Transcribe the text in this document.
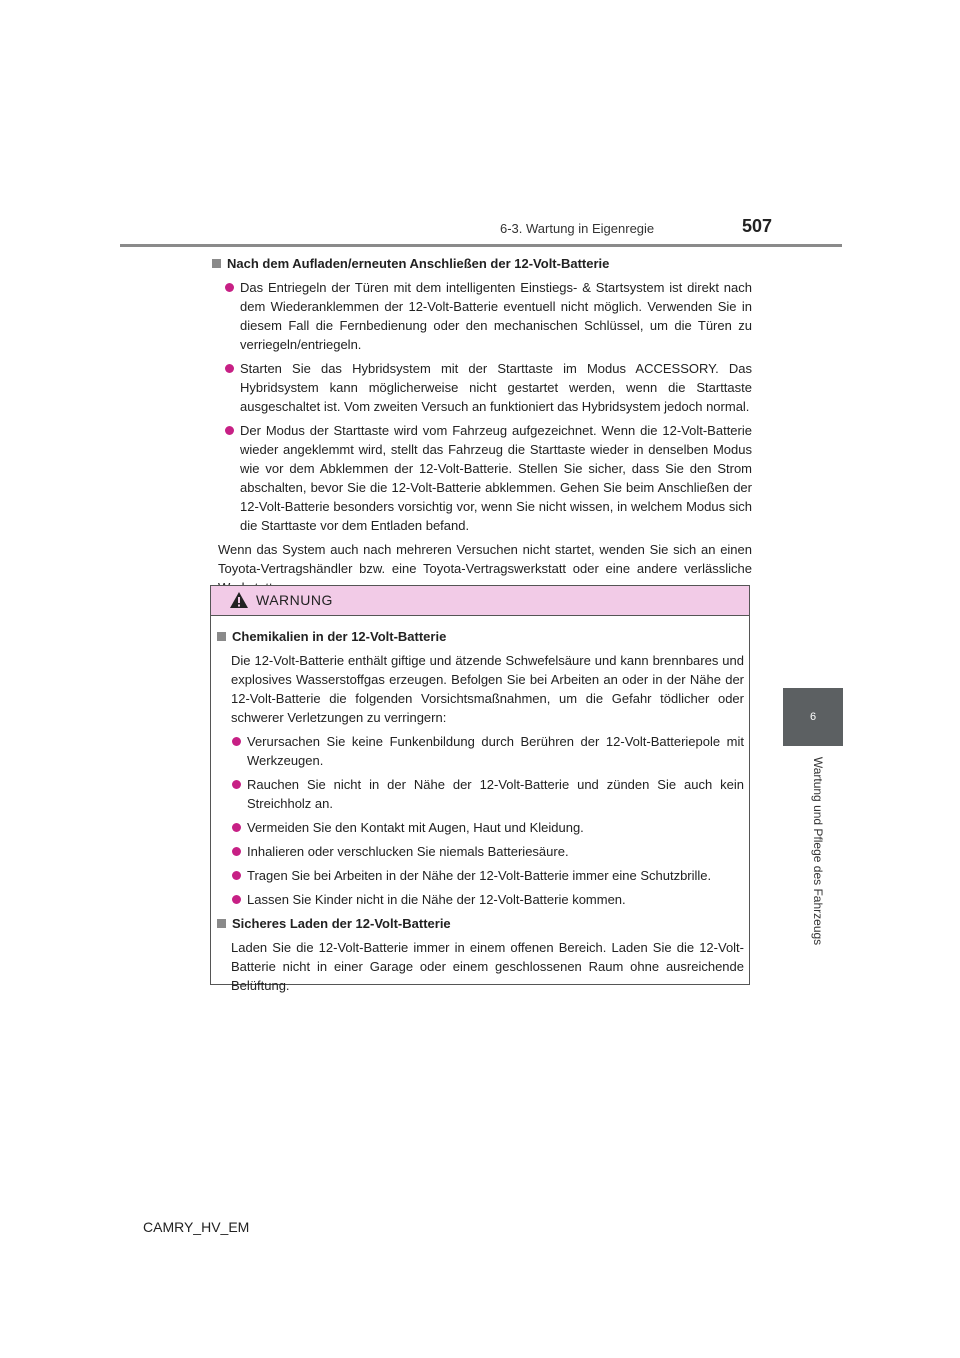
6-3. Wartung in Eigenregie	507
6
Wartung und Pflege des Fahrzeugs
Nach dem Aufladen/erneuten Anschließen der 12-Volt-Batterie
Das Entriegeln der Türen mit dem intelligenten Einstiegs- & Startsystem ist direkt nach dem Wiederanklemmen der 12-Volt-Batterie eventuell nicht möglich. Verwenden Sie in diesem Fall die Fernbedienung oder den mechanischen Schlüssel, um die Türen zu verriegeln/entriegeln.
Starten Sie das Hybridsystem mit der Starttaste im Modus ACCESSORY. Das Hybridsystem kann möglicherweise nicht gestartet werden, wenn die Starttaste ausgeschaltet ist. Vom zweiten Versuch an funktioniert das Hybridsystem jedoch normal.
Der Modus der Starttaste wird vom Fahrzeug aufgezeichnet. Wenn die 12-Volt-Batterie wieder angeklemmt wird, stellt das Fahrzeug die Starttaste wieder in denselben Modus wie vor dem Abklemmen der 12-Volt-Batterie. Stellen Sie sicher, dass Sie den Strom abschalten, bevor Sie die 12-Volt-Batterie abklemmen. Gehen Sie beim Anschließen der 12-Volt-Batterie besonders vorsichtig vor, wenn Sie nicht wissen, in welchem Modus sich die Starttaste vor dem Entladen befand.
Wenn das System auch nach mehreren Versuchen nicht startet, wenden Sie sich an einen Toyota-Vertragshändler bzw. eine Toyota-Vertragswerkstatt oder eine andere verlässliche
WARNUNG
Chemikalien in der 12-Volt-Batterie
Die 12-Volt-Batterie enthält giftige und ätzende Schwefelsäure und kann brennbares und explosives Wasserstoffgas erzeugen. Befolgen Sie bei Arbeiten an oder in der Nähe der 12-Volt-Batterie die folgenden Vorsichtsmaßnahmen, um die Gefahr tödlicher oder schwerer Verletzungen zu verringern:
Verursachen Sie keine Funkenbildung durch Berühren der 12-Volt-Batteriepole mit Werkzeugen.
Rauchen Sie nicht in der Nähe der 12-Volt-Batterie und zünden Sie auch kein Streichholz an.
Vermeiden Sie den Kontakt mit Augen, Haut und Kleidung.
Inhalieren oder verschlucken Sie niemals Batteriesäure.
Tragen Sie bei Arbeiten in der Nähe der 12-Volt-Batterie immer eine Schutzbrille.
Lassen Sie Kinder nicht in die Nähe der 12-Volt-Batterie kommen.
Sicheres Laden der 12-Volt-Batterie
Laden Sie die 12-Volt-Batterie immer in einem offenen Bereich. Laden Sie die 12-Volt-Batterie nicht in einer Garage oder einem geschlossenen Raum ohne ausreichende Belüftung.
CAMRY_HV_EM
